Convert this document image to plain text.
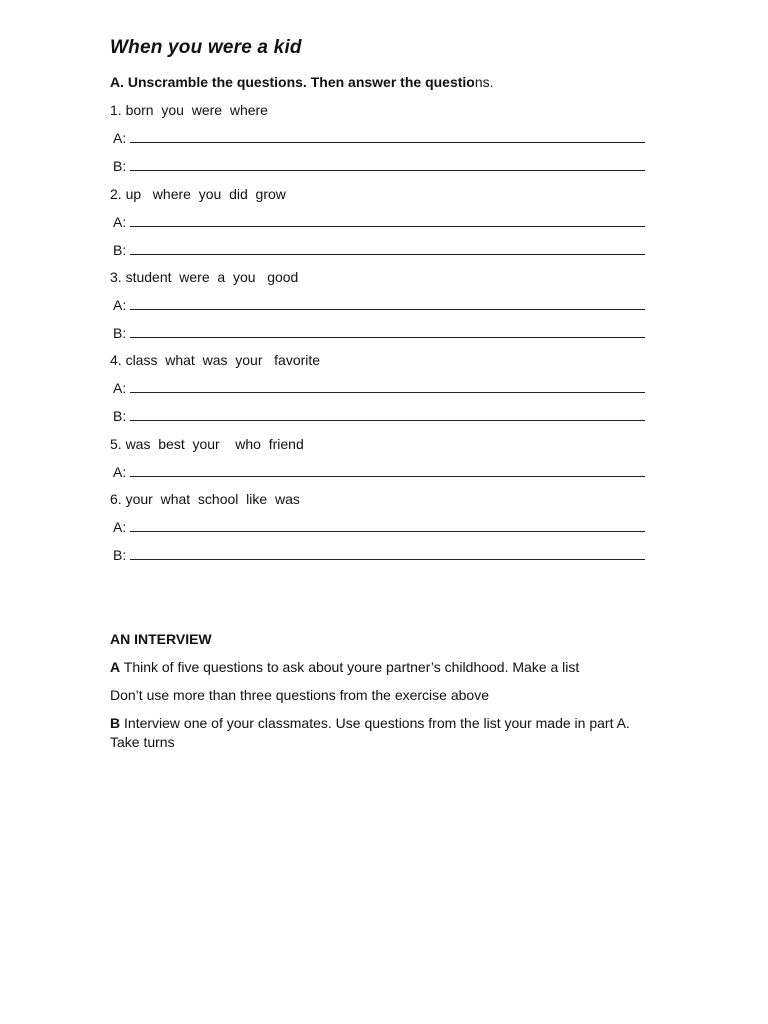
When you were a kid
A. Unscramble the questions. Then answer the questions.
1. born  you  were  where
A:
B:
2. up   where  you  did  grow
A:
B:
3. student  were  a  you   good
A:
B:
4. class  what  was  your   favorite
A:
B:
5. was  best  your    who  friend
A:
6. your  what  school  like  was
A:
B:
AN INTERVIEW
A Think of five questions to ask about youre partner’s childhood. Make a list
Don’t use more than three questions from the exercise above
B Interview one of your classmates. Use questions from the list your made in part A. Take turns
